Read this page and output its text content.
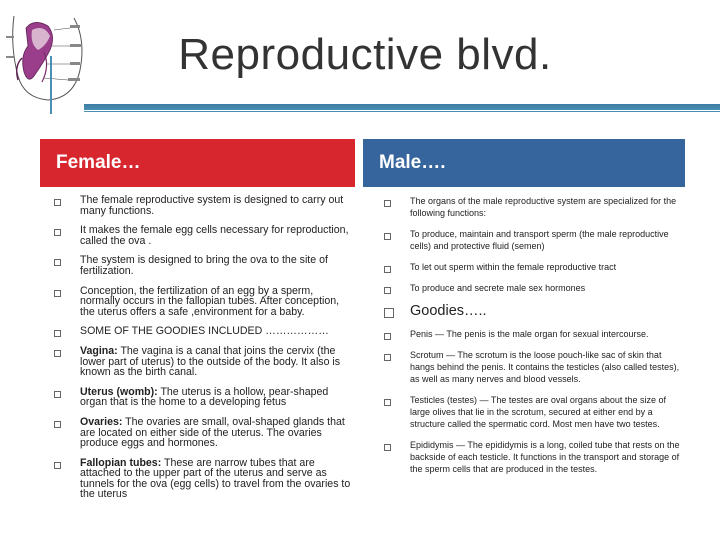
Reproductive blvd.
Female…	Male….
The female reproductive system is designed to carry out many functions.
It makes the female egg cells necessary for reproduction, called the ova .
The system is designed to bring the ova to the site of fertilization.
Conception, the fertilization of an egg by a sperm, normally occurs in the fallopian tubes. After conception, the uterus offers a safe ,environment for a baby.
SOME OF THE GOODIES INCLUDED ………………
Vagina: The vagina is a canal that joins the cervix (the lower part of uterus) to the outside of the body. It also is known as the birth canal.
Uterus (womb): The uterus is a hollow, pear-shaped organ that is the home to a developing fetus
Ovaries: The ovaries are small, oval-shaped glands that are located on either side of the uterus. The ovaries produce eggs and hormones.
Fallopian tubes: These are narrow tubes that are attached to the upper part of the uterus and serve as tunnels for the ova (egg cells) to travel from the ovaries to the uterus
The organs of the male reproductive system are specialized for the following functions:
To produce, maintain and transport sperm (the male reproductive cells) and protective fluid (semen)
To let out sperm within the female reproductive tract
To produce and secrete male sex hormones
Goodies…..
Penis — The penis is the male organ for sexual intercourse.
Scrotum — The scrotum is the loose pouch-like sac of skin that hangs behind the penis. It contains the testicles (also called testes), as well as many nerves and blood vessels.
Testicles (testes) — The testes are oval organs about the size of large olives that lie in the scrotum, secured at either end by a structure called the spermatic cord. Most men have two testes.
Epididymis — The epididymis is a long, coiled tube that rests on the backside of each testicle. It functions in the transport and storage of the sperm cells that are produced in the testes.
